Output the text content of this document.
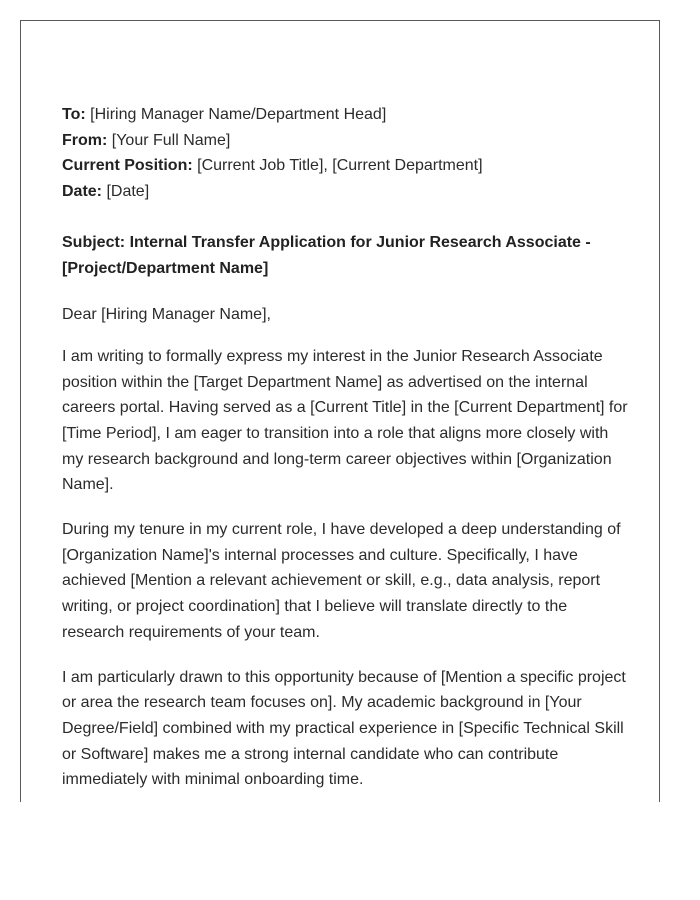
To: [Hiring Manager Name/Department Head]

From: [Your Full Name]

Current Position: [Current Job Title], [Current Department]

Date: [Date]

Subject: Internal Transfer Application for Junior Research Associate - [Project/Department Name]

Dear [Hiring Manager Name],

I am writing to formally express my interest in the Junior Research Associate position within the [Target Department Name] as advertised on the internal careers portal. Having served as a [Current Title] in the [Current Department] for [Time Period], I am eager to transition into a role that aligns more closely with my research background and long-term career objectives within [Organization Name].

During my tenure in my current role, I have developed a deep understanding of [Organization Name]'s internal processes and culture. Specifically, I have achieved [Mention a relevant achievement or skill, e.g., data analysis, report writing, or project coordination] that I believe will translate directly to the research requirements of your team.

I am particularly drawn to this opportunity because of [Mention a specific project or area the research team focuses on]. My academic background in [Your Degree/Field] combined with my practical experience in [Specific Technical Skill or Software] makes me a strong internal candidate who can contribute immediately with minimal onboarding time.
